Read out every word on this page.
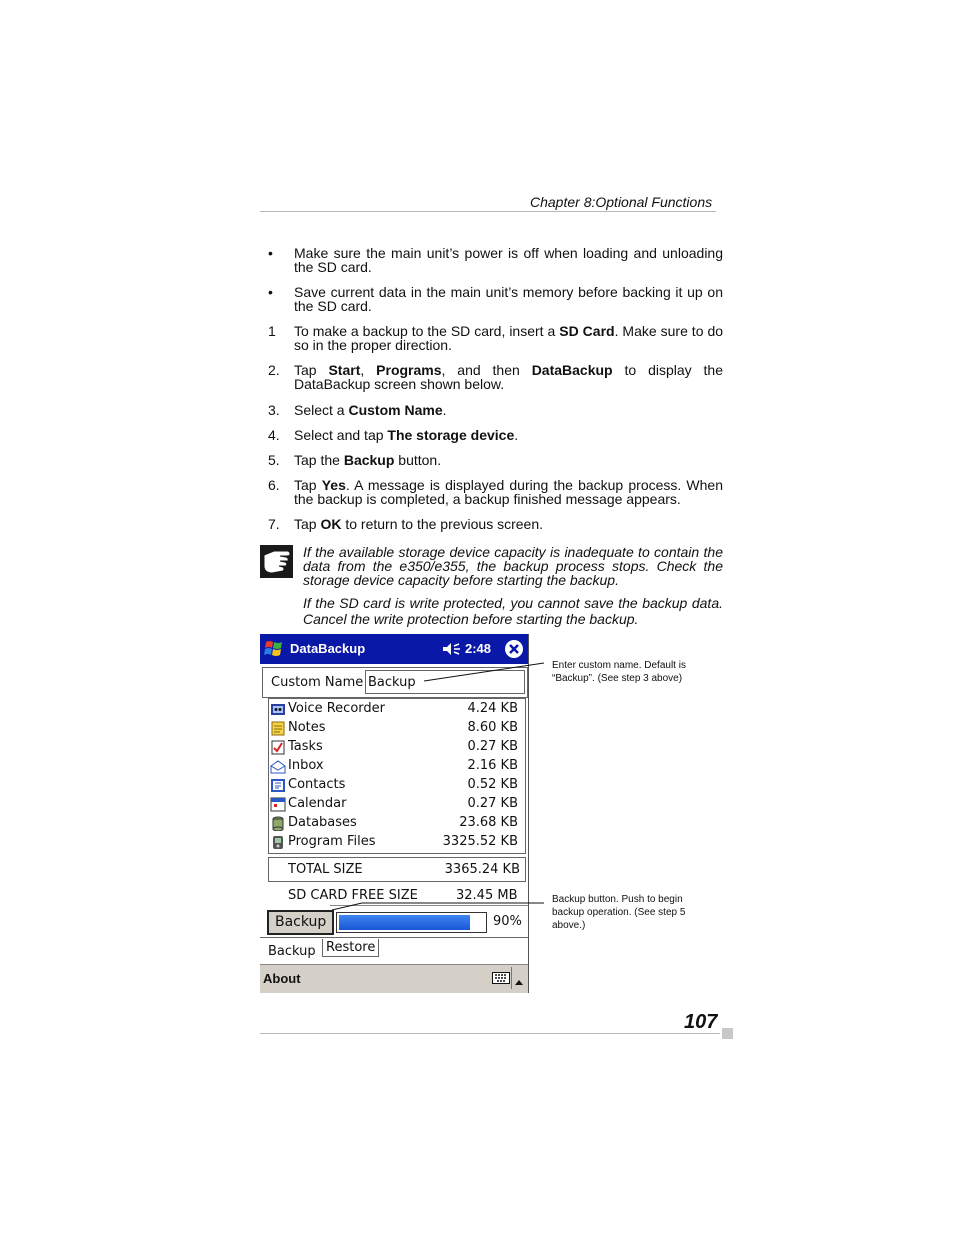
Chapter 8:Optional Functions
• Make sure the main unit’s power is off when loading and unloading the SD card.
• Save current data in the main unit’s memory before backing it up on the SD card.
1 To make a backup to the SD card, insert a SD Card. Make sure to do so in the proper direction.
2. Tap Start, Programs, and then DataBackup to display the DataBackup screen shown below.
3. Select a Custom Name.
4. Select and tap The storage device.
5. Tap the Backup button.
6. Tap Yes. A message is displayed during the backup process. When the backup is completed, a backup finished message appears.
7. Tap OK to return to the previous screen.
If the available storage device capacity is inadequate to contain the data from the e350/e355, the backup process stops. Check the storage device capacity before starting the backup.
If the SD card is write protected, you cannot save the backup data. Cancel the write protection before starting the backup.
DataBackup	2:48
Custom Name Backup
Voice Recorder	4.24 KB
Notes	8.60 KB
Tasks	0.27 KB
Inbox	2.16 KB
Contacts	0.52 KB
Calendar	0.27 KB
Databases	23.68 KB
Program Files	3325.52 KB
TOTAL SIZE	3365.24 KB
SD CARD FREE SIZE	32.45 MB
Backup	90%
Backup Restore
About
Enter custom name. Default is “Backup”. (See step 3 above)
Backup button. Push to begin backup operation. (See step 5 above.)
107
